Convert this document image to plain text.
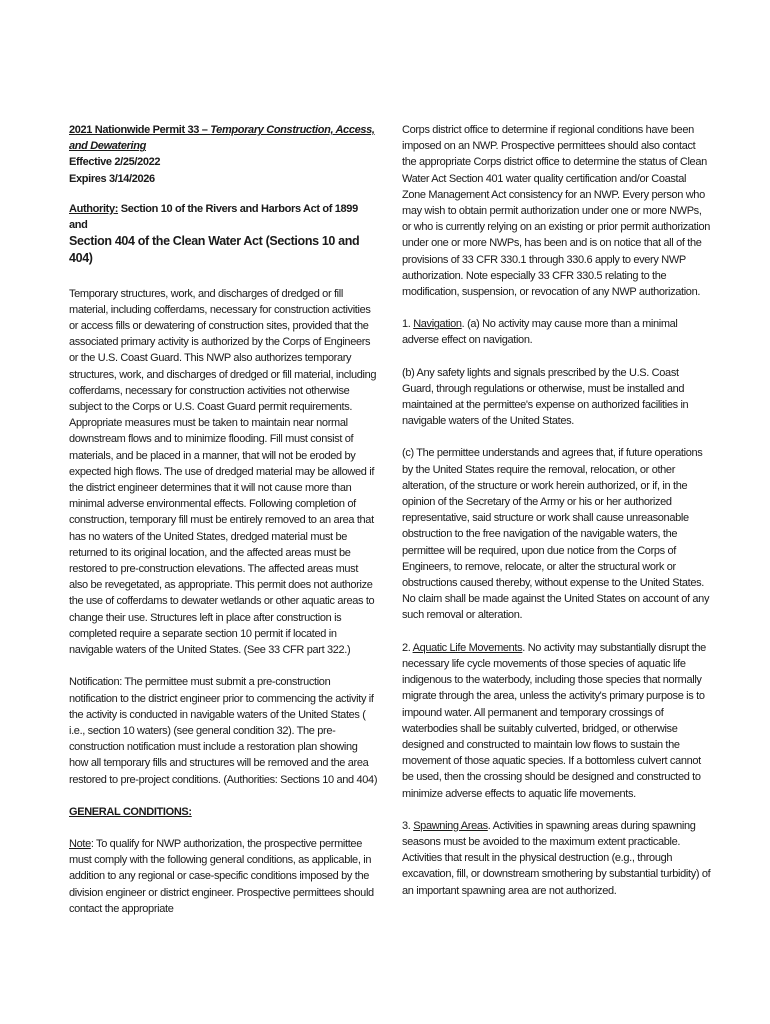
2021 Nationwide Permit 33 – Temporary Construction, Access, and Dewatering
Effective 2/25/2022
Expires 3/14/2026

Authority: Section 10 of the Rivers and Harbors Act of 1899 and
Section 404 of the Clean Water Act (Sections 10 and 404)

Temporary structures, work, and discharges of dredged or fill material, including cofferdams, necessary for construction activities or access fills or dewatering of construction sites, provided that the associated primary activity is authorized by the Corps of Engineers or the U.S. Coast Guard. This NWP also authorizes temporary structures, work, and discharges of dredged or fill material, including cofferdams, necessary for construction activities not otherwise subject to the Corps or U.S. Coast Guard permit requirements. Appropriate measures must be taken to maintain near normal downstream flows and to minimize flooding. Fill must consist of materials, and be placed in a manner, that will not be eroded by expected high flows. The use of dredged material may be allowed if the district engineer determines that it will not cause more than minimal adverse environmental effects. Following completion of construction, temporary fill must be entirely removed to an area that has no waters of the United States, dredged material must be returned to its original location, and the affected areas must be restored to pre-construction elevations. The affected areas must also be revegetated, as appropriate. This permit does not authorize the use of cofferdams to dewater wetlands or other aquatic areas to change their use. Structures left in place after construction is completed require a separate section 10 permit if located in navigable waters of the United States. (See 33 CFR part 322.)

Notification: The permittee must submit a pre-construction notification to the district engineer prior to commencing the activity if the activity is conducted in navigable waters of the United States ( i.e., section 10 waters) (see general condition 32). The pre-construction notification must include a restoration plan showing how all temporary fills and structures will be removed and the area restored to pre-project conditions. (Authorities: Sections 10 and 404)

GENERAL CONDITIONS:

Note: To qualify for NWP authorization, the prospective permittee must comply with the following general conditions, as applicable, in addition to any regional or case-specific conditions imposed by the division engineer or district engineer. Prospective permittees should contact the appropriate

Corps district office to determine if regional conditions have been imposed on an NWP. Prospective permittees should also contact the appropriate Corps district office to determine the status of Clean Water Act Section 401 water quality certification and/or Coastal Zone Management Act consistency for an NWP. Every person who may wish to obtain permit authorization under one or more NWPs, or who is currently relying on an existing or prior permit authorization under one or more NWPs, has been and is on notice that all of the provisions of 33 CFR 330.1 through 330.6 apply to every NWP authorization. Note especially 33 CFR 330.5 relating to the modification, suspension, or revocation of any NWP authorization.

1. Navigation. (a) No activity may cause more than a minimal adverse effect on navigation.

(b) Any safety lights and signals prescribed by the U.S. Coast Guard, through regulations or otherwise, must be installed and maintained at the permittee's expense on authorized facilities in navigable waters of the United States.

(c) The permittee understands and agrees that, if future operations by the United States require the removal, relocation, or other alteration, of the structure or work herein authorized, or if, in the opinion of the Secretary of the Army or his or her authorized representative, said structure or work shall cause unreasonable obstruction to the free navigation of the navigable waters, the permittee will be required, upon due notice from the Corps of Engineers, to remove, relocate, or alter the structural work or obstructions caused thereby, without expense to the United States. No claim shall be made against the United States on account of any such removal or alteration.

2. Aquatic Life Movements. No activity may substantially disrupt the necessary life cycle movements of those species of aquatic life indigenous to the waterbody, including those species that normally migrate through the area, unless the activity's primary purpose is to impound water. All permanent and temporary crossings of waterbodies shall be suitably culverted, bridged, or otherwise designed and constructed to maintain low flows to sustain the movement of those aquatic species. If a bottomless culvert cannot be used, then the crossing should be designed and constructed to minimize adverse effects to aquatic life movements.

3. Spawning Areas. Activities in spawning areas during spawning seasons must be avoided to the maximum extent practicable. Activities that result in the physical destruction (e.g., through excavation, fill, or downstream smothering by substantial turbidity) of an important spawning area are not authorized.
